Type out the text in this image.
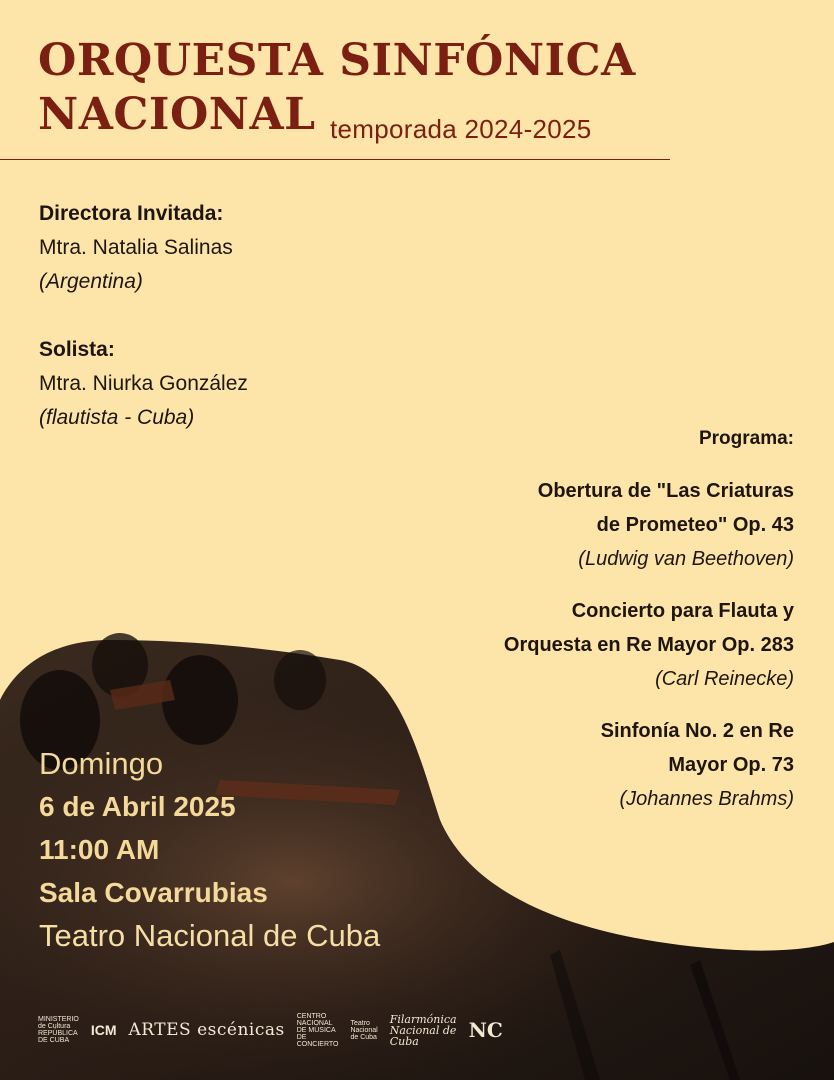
ORQUESTA SINFÓNICA
NACIONAL temporada 2024-2025
Directora Invitada:
Mtra. Natalia Salinas
(Argentina)
Solista:
Mtra. Niurka González
(flautista - Cuba)
Programa:
Obertura de "Las Criaturas
de Prometeo" Op. 43
(Ludwig van Beethoven)
Concierto para Flauta y
Orquesta en Re Mayor Op. 283
(Carl Reinecke)
Sinfonía No. 2 en Re
Mayor Op. 73
(Johannes Brahms)
Domingo
6 de Abril 2025
11:00 AM
Sala Covarrubias
Teatro Nacional de Cuba
MINISTERIO de Cultura REPÚBLICA DE CUBA
ICM ARTES escénicas
CENTRO NACIONAL DE MÚSICA DE CONCIERTO
Teatro Nacional de Cuba
Filarmónica Nacional de Cuba	NC
